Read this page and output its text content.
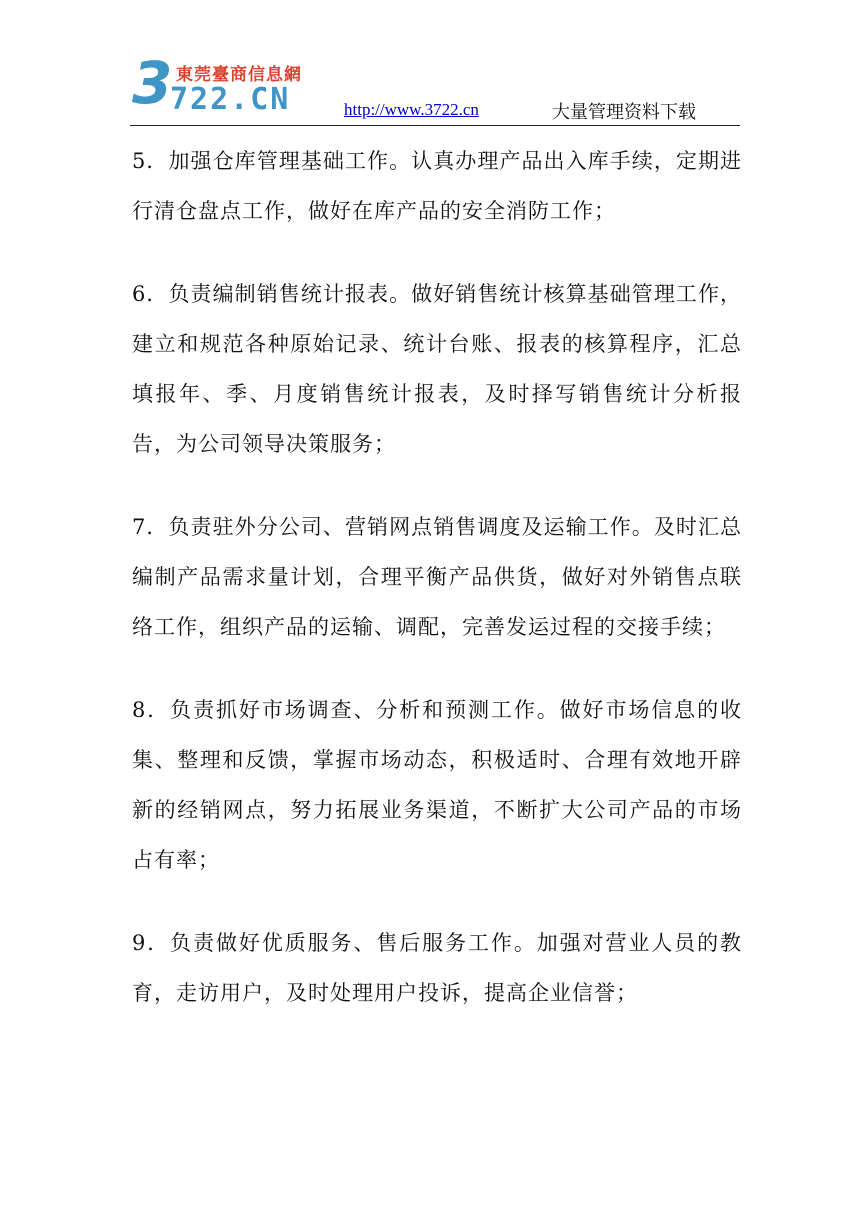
3 東莞臺商信息網
722.CN	http://www.3722.cn	大量管理资料下载

5．加强仓库管理基础工作。认真办理产品出入库手续，定期进行清仓盘点工作，做好在库产品的安全消防工作；

6．负责编制销售统计报表。做好销售统计核算基础管理工作，建立和规范各种原始记录、统计台账、报表的核算程序，汇总填报年、季、月度销售统计报表，及时择写销售统计分析报告，为公司领导决策服务；

7．负责驻外分公司、营销网点销售调度及运输工作。及时汇总编制产品需求量计划，合理平衡产品供货，做好对外销售点联络工作，组织产品的运输、调配，完善发运过程的交接手续；

8．负责抓好市场调查、分析和预测工作。做好市场信息的收集、整理和反馈，掌握市场动态，积极适时、合理有效地开辟新的经销网点，努力拓展业务渠道，不断扩大公司产品的市场占有率；

9．负责做好优质服务、售后服务工作。加强对营业人员的教育，走访用户，及时处理用户投诉，提高企业信誉；
